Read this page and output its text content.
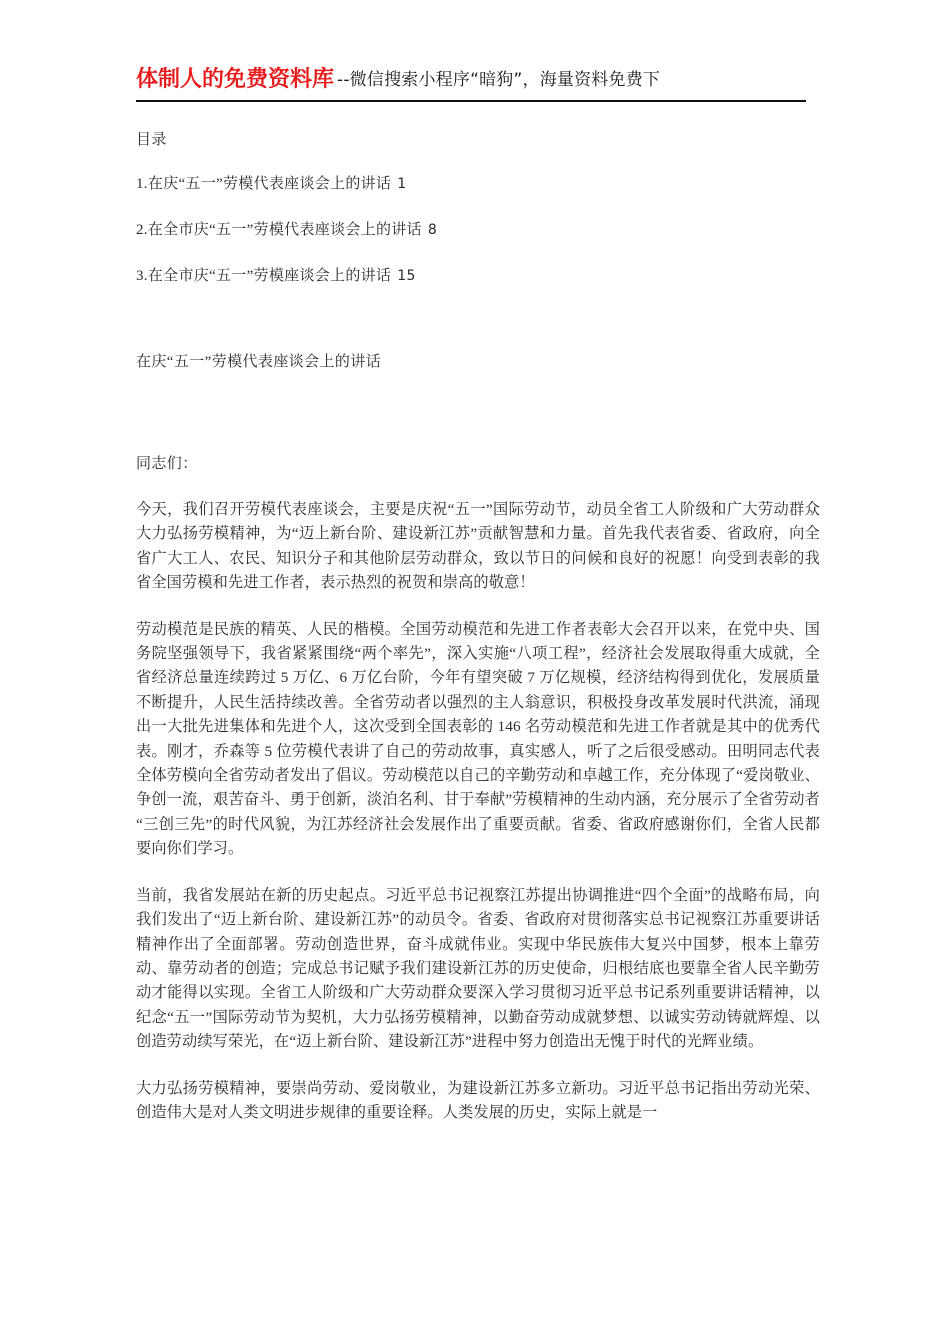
体制人的免费资料库 --微信搜索小程序“暗狗”，海量资料免费下
目录
1.在庆“五一”劳模代表座谈会上的讲话 1
2.在全市庆“五一”劳模代表座谈会上的讲话 8
3.在全市庆“五一”劳模座谈会上的讲话 15
在庆“五一”劳模代表座谈会上的讲话
同志们：

今天，我们召开劳模代表座谈会，主要是庆祝“五一”国际劳动节，动员全省工人阶级和广大劳动群众大力弘扬劳模精神，为“迈上新台阶、建设新江苏”贡献智慧和力量。首先我代表省委、省政府，向全省广大工人、农民、知识分子和其他阶层劳动群众，致以节日的问候和良好的祝愿！向受到表彰的我省全国劳模和先进工作者，表示热烈的祝贺和崇高的敬意！

劳动模范是民族的精英、人民的楷模。全国劳动模范和先进工作者表彰大会召开以来，在党中央、国务院坚强领导下，我省紧紧围绕“两个率先”，深入实施“八项工程”，经济社会发展取得重大成就，全省经济总量连续跨过 5 万亿、6 万亿台阶，今年有望突破 7 万亿规模，经济结构得到优化，发展质量不断提升，人民生活持续改善。全省劳动者以强烈的主人翁意识，积极投身改革发展时代洪流，涌现出一大批先进集体和先进个人，这次受到全国表彰的 146 名劳动模范和先进工作者就是其中的优秀代表。刚才，乔森等 5 位劳模代表讲了自己的劳动故事，真实感人，听了之后很受感动。田明同志代表全体劳模向全省劳动者发出了倡议。劳动模范以自己的辛勤劳动和卓越工作，充分体现了“爱岗敬业、争创一流，艰苦奋斗、勇于创新，淡泊名利、甘于奉献”劳模精神的生动内涵，充分展示了全省劳动者“三创三先”的时代风貌，为江苏经济社会发展作出了重要贡献。省委、省政府感谢你们，全省人民都要向你们学习。

当前，我省发展站在新的历史起点。习近平总书记视察江苏提出协调推进“四个全面”的战略布局，向我们发出了“迈上新台阶、建设新江苏”的动员令。省委、省政府对贯彻落实总书记视察江苏重要讲话精神作出了全面部署。劳动创造世界，奋斗成就伟业。实现中华民族伟大复兴中国梦，根本上靠劳动、靠劳动者的创造；完成总书记赋予我们建设新江苏的历史使命，归根结底也要靠全省人民辛勤劳动才能得以实现。全省工人阶级和广大劳动群众要深入学习贯彻习近平总书记系列重要讲话精神，以纪念“五一”国际劳动节为契机，大力弘扬劳模精神，以勤奋劳动成就梦想、以诚实劳动铸就辉煌、以创造劳动续写荣光，在“迈上新台阶、建设新江苏”进程中努力创造出无愧于时代的光辉业绩。

大力弘扬劳模精神，要崇尚劳动、爱岗敬业，为建设新江苏多立新功。习近平总书记指出劳动光荣、创造伟大是对人类文明进步规律的重要诠释。人类发展的历史，实际上就是一
